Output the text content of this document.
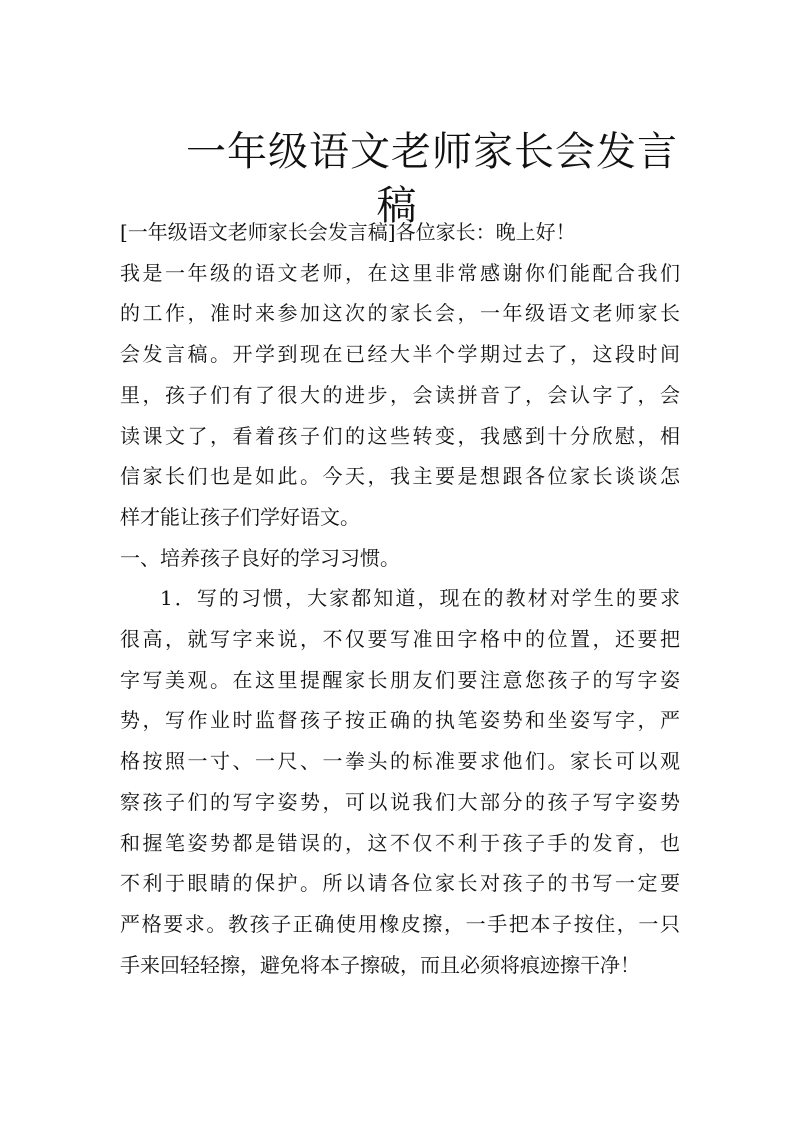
一年级语文老师家长会发言
稿

[一年级语文老师家长会发言稿]各位家长：晚上好！

我是一年级的语文老师，在这里非常感谢你们能配合我们
的工作，准时来参加这次的家长会，一年级语文老师家长
会发言稿。开学到现在已经大半个学期过去了，这段时间
里，孩子们有了很大的进步，会读拼音了，会认字了，会
读课文了，看着孩子们的这些转变，我感到十分欣慰，相
信家长们也是如此。今天，我主要是想跟各位家长谈谈怎
样才能让孩子们学好语文。

一、培养孩子良好的学习习惯。

1．写的习惯，大家都知道，现在的教材对学生的要求
很高，就写字来说，不仅要写准田字格中的位置，还要把
字写美观。在这里提醒家长朋友们要注意您孩子的写字姿
势，写作业时监督孩子按正确的执笔姿势和坐姿写字，严
格按照一寸、一尺、一拳头的标准要求他们。家长可以观
察孩子们的写字姿势，可以说我们大部分的孩子写字姿势
和握笔姿势都是错误的，这不仅不利于孩子手的发育，也
不利于眼睛的保护。所以请各位家长对孩子的书写一定要
严格要求。教孩子正确使用橡皮擦，一手把本子按住，一只
手来回轻轻擦，避免将本子擦破，而且必须将痕迹擦干净！
